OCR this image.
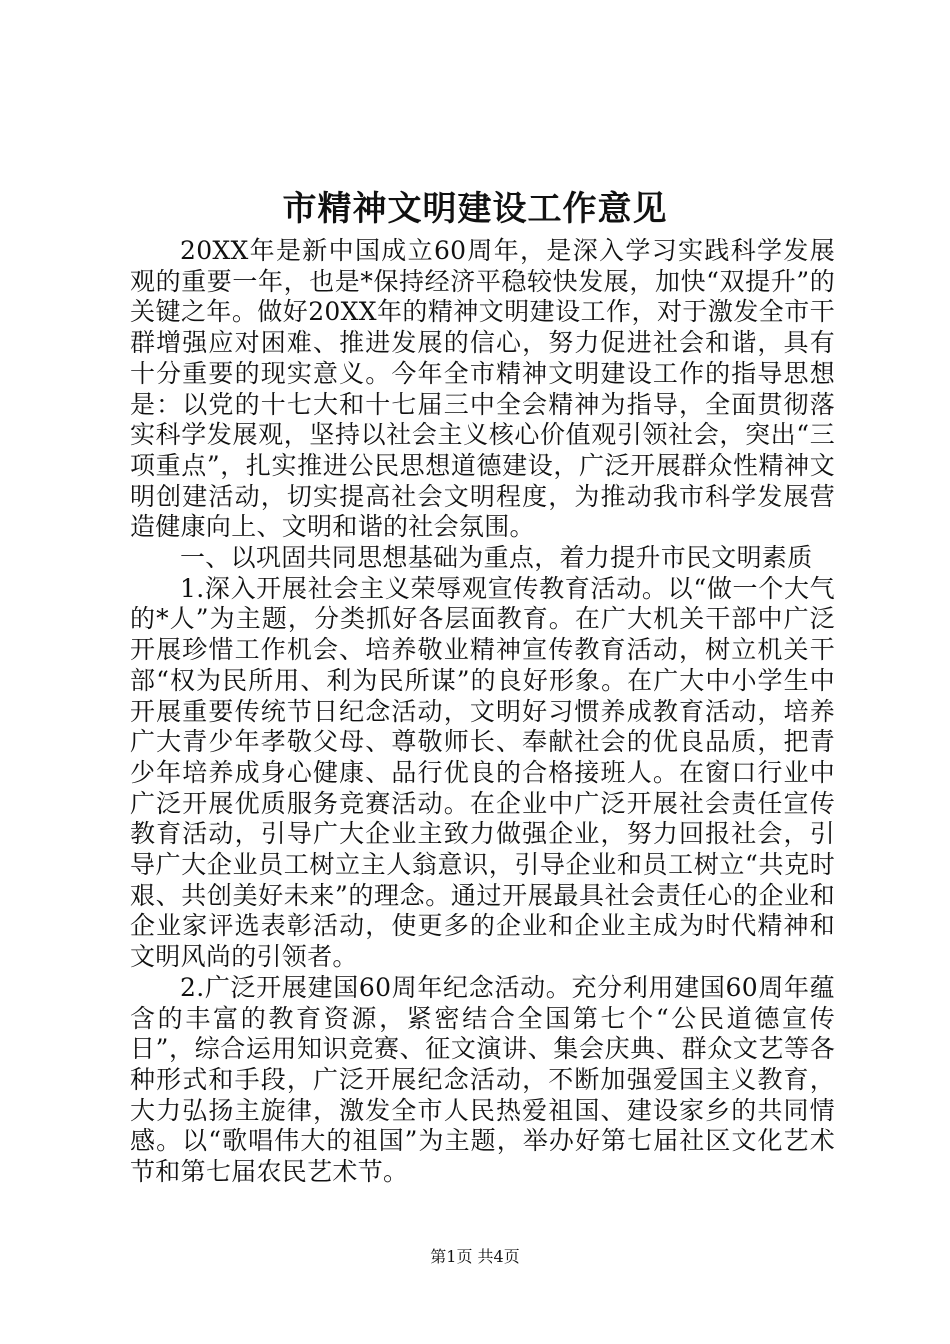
市精神文明建设工作意见

20XX年是新中国成立60周年，是深入学习实践科学发展观的重要一年，也是*保持经济平稳较快发展，加快“双提升”的关键之年。做好20XX年的精神文明建设工作，对于激发全市干群增强应对困难、推进发展的信心，努力促进社会和谐，具有十分重要的现实意义。今年全市精神文明建设工作的指导思想是：以党的十七大和十七届三中全会精神为指导，全面贯彻落实科学发展观，坚持以社会主义核心价值观引领社会，突出“三项重点”，扎实推进公民思想道德建设，广泛开展群众性精神文明创建活动，切实提高社会文明程度，为推动我市科学发展营造健康向上、文明和谐的社会氛围。

一、以巩固共同思想基础为重点，着力提升市民文明素质

1.深入开展社会主义荣辱观宣传教育活动。以“做一个大气的*人”为主题，分类抓好各层面教育。在广大机关干部中广泛开展珍惜工作机会、培养敬业精神宣传教育活动，树立机关干部“权为民所用、利为民所谋”的良好形象。在广大中小学生中开展重要传统节日纪念活动，文明好习惯养成教育活动，培养广大青少年孝敬父母、尊敬师长、奉献社会的优良品质，把青少年培养成身心健康、品行优良的合格接班人。在窗口行业中广泛开展优质服务竞赛活动。在企业中广泛开展社会责任宣传教育活动，引导广大企业主致力做强企业，努力回报社会，引导广大企业员工树立主人翁意识，引导企业和员工树立“共克时艰、共创美好未来”的理念。通过开展最具社会责任心的企业和企业家评选表彰活动，使更多的企业和企业主成为时代精神和文明风尚的引领者。

2.广泛开展建国60周年纪念活动。充分利用建国60周年蕴含的丰富的教育资源，紧密结合全国第七个“公民道德宣传日”，综合运用知识竞赛、征文演讲、集会庆典、群众文艺等各种形式和手段，广泛开展纪念活动，不断加强爱国主义教育，大力弘扬主旋律，激发全市人民热爱祖国、建设家乡的共同情感。以“歌唱伟大的祖国”为主题，举办好第七届社区文化艺术节和第七届农民艺术节。

第1页 共4页
